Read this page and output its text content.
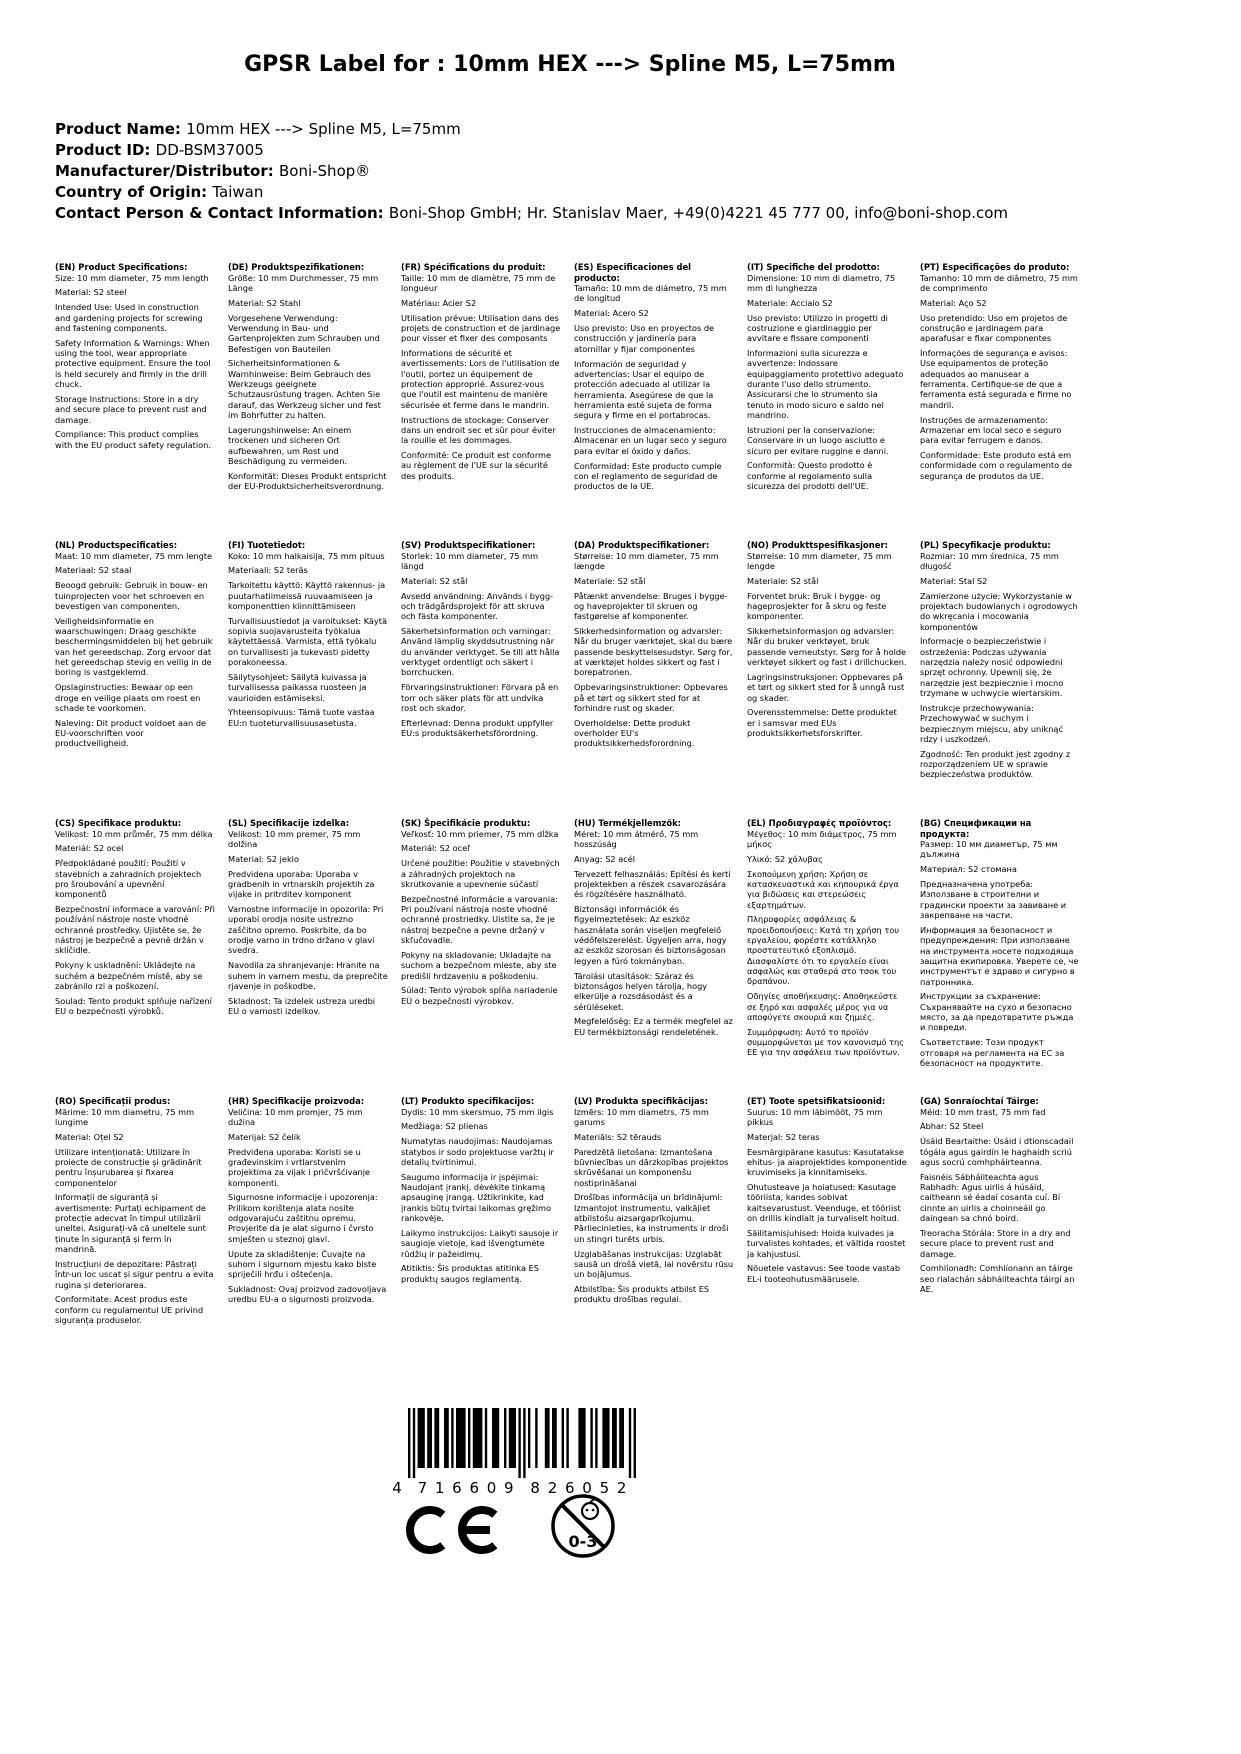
GPSR Label for : 10mm HEX ---> Spline M5, L=75mm
Product Name: 10mm HEX ---> Spline M5, L=75mm
Product ID: DD-BSM37005
Manufacturer/Distributor: Boni-Shop®
Country of Origin: Taiwan
Contact Person & Contact Information: Boni-Shop GmbH; Hr. Stanislav Maer, +49(0)4221 45 777 00, info@boni-shop.com
(EN) Product Specifications:

Size: 10 mm diameter, 75 mm length

Material: S2 steel

Intended Use: Used in construction and gardening projects for screwing and fastening components.

Safety Information & Warnings: When using the tool, wear appropriate protective equipment. Ensure the tool is held securely and firmly in the drill chuck.

Storage Instructions: Store in a dry and secure place to prevent rust and damage.

Compliance: This product complies with the EU product safety regulation.

(DE) Produktspezifikationen:

Größe: 10 mm Durchmesser, 75 mm Länge

Material: S2 Stahl

Vorgesehene Verwendung: Verwendung in Bau- und Gartenprojekten zum Schrauben und Befestigen von Bauteilen

Sicherheitsinformationen & Warnhinweise: Beim Gebrauch des Werkzeugs geeignete Schutzausrüstung tragen. Achten Sie darauf, das Werkzeug sicher und fest im Bohrfutter zu halten.

Lagerungshinweise: An einem trockenen und sicheren Ort aufbewahren, um Rost und Beschädigung zu vermeiden.

Konformität: Dieses Produkt entspricht der EU-Produktsicherheitsverordnung.

(FR) Spécifications du produit:

Taille: 10 mm de diamètre, 75 mm de longueur

Matériau: Acier S2

Utilisation prévue: Utilisation dans des projets de construction et de jardinage pour visser et fixer des composants

Informations de sécurité et avertissements: Lors de l'utilisation de l'outil, portez un équipement de protection approprié. Assurez-vous que l'outil est maintenu de manière sécurisée et ferme dans le mandrin.

Instructions de stockage: Conserver dans un endroit sec et sûr pour éviter la rouille et les dommages.

Conformité: Ce produit est conforme au règlement de l'UE sur la sécurité des produits.

(ES) Especificaciones del producto:

Tamaño: 10 mm de diámetro, 75 mm de longitud

Material: Acero S2

Uso previsto: Uso en proyectos de construcción y jardinería para atornillar y fijar componentes

Información de seguridad y advertencias: Usar el equipo de protección adecuado al utilizar la herramienta. Asegúrese de que la herramienta esté sujeta de forma segura y firme en el portabrocas.

Instrucciones de almacenamiento: Almacenar en un lugar seco y seguro para evitar el óxido y daños.

Conformidad: Este producto cumple con el reglamento de seguridad de productos de la UE.

(IT) Specifiche del prodotto:

Dimensione: 10 mm di diametro, 75 mm di lunghezza

Materiale: Acciaio S2

Uso previsto: Utilizzo in progetti di costruzione e giardinaggio per avvitare e fissare componenti

Informazioni sulla sicurezza e avvertenze: Indossare equipaggiamento protettivo adeguato durante l'uso dello strumento. Assicurarsi che lo strumento sia tenuto in modo sicuro e saldo nel mandrino.

Istruzioni per la conservazione: Conservare in un luogo asciutto e sicuro per evitare ruggine e danni.

Conformità: Questo prodotto è conforme al regolamento sulla sicurezza dei prodotti dell'UE.

(PT) Especificações do produto:

Tamanho: 10 mm de diâmetro, 75 mm de comprimento

Material: Aço S2

Uso pretendido: Uso em projetos de construção e jardinagem para aparafusar e fixar componentes

Informações de segurança e avisos: Use equipamentos de proteção adequados ao manusear a ferramenta. Certifique-se de que a ferramenta está segurada e firme no mandril.

Instruções de armazenamento: Armazenar em local seco e seguro para evitar ferrugem e danos.

Conformidade: Este produto está em conformidade com o regulamento de segurança de produtos da UE.

(NL) Productspecificaties:

Maat: 10 mm diameter, 75 mm lengte

Materiaal: S2 staal

Beoogd gebruik: Gebruik in bouw- en tuinprojecten voor het schroeven en bevestigen van componenten.

Veiligheidsinformatie en waarschuwingen: Draag geschikte beschermingsmiddelen bij het gebruik van het gereedschap. Zorg ervoor dat het gereedschap stevig en veilig in de boring is vastgeklemd.

Opslaginstructies: Bewaar op een droge en veilige plaats om roest en schade te voorkomen.

Naleving: Dit product voldoet aan de EU-voorschriften voor productveiligheid.

(FI) Tuotetiedot:

Koko: 10 mm halkaisija, 75 mm pituus

Materiaali: S2 teräs

Tarkoitettu käyttö: Käyttö rakennus- ja puutarhatiimeissä ruuvaamiseen ja komponenttien kiinnittämiseen

Turvallisuustiedot ja varoitukset: Käytä sopivia suojavarusteita työkalua käytettäessä. Varmista, että työkalu on turvallisesti ja tukevasti pidetty porakoneessa.

Säilytysohjeet: Säilytä kuivassa ja turvallisessa paikassa ruosteen ja vaurioiden estämiseksi.

Yhteensopivuus: Tämä tuote vastaa EU:n tuoteturvallisuusasetusta.

(SV) Produktspecifikationer:

Storlek: 10 mm diameter, 75 mm längd

Material: S2 stål

Avsedd användning: Används i bygg- och trädgårdsprojekt för att skruva och fästa komponenter.

Säkerhetsinformation och varningar: Använd lämplig skyddsutrustning när du använder verktyget. Se till att hålla verktyget ordentligt och säkert i borrchucken.

Förvaringsinstruktioner: Förvara på en torr och säker plats för att undvika rost och skador.

Efterlevnad: Denna produkt uppfyller EU:s produktsäkerhetsförordning.

(DA) Produktspecifikationer:

Størrelse: 10 mm diameter, 75 mm længde

Materiale: S2 stål

Påtænkt anvendelse: Bruges i bygge- og haveprojekter til skruen og fastgørelse af komponenter.

Sikkerhedsinformation og advarsler: Når du bruger værktøjet, skal du bære passende beskyttelsesudstyr. Sørg for, at værktøjet holdes sikkert og fast i borepatronen.

Opbevaringsinstruktioner: Opbevares på et tørt og sikkert sted for at forhindre rust og skader.

Overholdelse: Dette produkt overholder EU's produktsikkerhedsforordning.

(NO) Produkttspesifikasjoner:

Størrelse: 10 mm diameter, 75 mm lengde

Materiale: S2 stål

Forventet bruk: Bruk i bygge- og hageprosjekter for å skru og feste komponenter.

Sikkerhetsinformasjon og advarsler: Når du bruker verktøyet, bruk passende verneutstyr. Sørg for å holde verktøyet sikkert og fast i drillchucken.

Lagringsinstruksjoner: Oppbevares på et tørt og sikkert sted for å unngå rust og skader.

Overensstemmelse: Dette produktet er i samsvar med EUs produktsikkerhetsforskrifter.

(PL) Specyfikacje produktu:

Rozmiar: 10 mm średnica, 75 mm długość

Materiał: Stal S2

Zamierzone użycie: Wykorzystanie w projektach budowlanych i ogrodowych do wkręcania i mocowania komponentów

Informacje o bezpieczeństwie i ostrzeżenia: Podczas używania narzędzia należy nosić odpowiedni sprzęt ochronny. Upewnij się, że narzędzie jest bezpiecznie i mocno trzymane w uchwycie wiertarskim.

Instrukcje przechowywania: Przechowywać w suchym i bezpiecznym miejscu, aby uniknąć rdzy i uszkodzeń.

Zgodność: Ten produkt jest zgodny z rozporządzeniem UE w sprawie bezpieczeństwa produktów.

(CS) Specifikace produktu:

Velikost: 10 mm průměr, 75 mm délka

Materiál: S2 ocel

Předpokládané použití: Použití v stavebních a zahradních projektech pro šroubování a upevnění komponentů

Bezpečnostní informace a varování: Při používání nástroje noste vhodné ochranné prostředky. Ujistěte se, že nástroj je bezpečně a pevně držán v sklíčidle.

Pokyny k uskladnění: Ukládejte na suchém a bezpečném místě, aby se zabránilo rzi a poškození.

Soulad: Tento produkt splňuje nařízení EU o bezpečnosti výrobků.

(SL) Specifikacije izdelka:

Velikost: 10 mm premer, 75 mm dolžina

Material: S2 jeklo

Predvidena uporaba: Uporaba v gradbenih in vrtnarskih projektih za vijake in pritrditev komponent

Varnostne informacije in opozorila: Pri uporabi orodja nosite ustrezno zaščitno opremo. Poskrbite, da bo orodje varno in trdno držano v glavi svedra.

Navodila za shranjevanje: Hranite na suhem in varnem mestu, da preprečite rjavenje in poškodbe.

Skladnost: Ta izdelek ustreza uredbi EU o varnosti izdelkov.

(SK) Špecifikácie produktu:

Veľkosť: 10 mm priemer, 75 mm dĺžka

Materiál: S2 oceľ

Určené použitie: Použitie v stavebných a záhradných projektoch na skrutkovanie a upevnenie súčastí

Bezpečnostné informácie a varovania: Pri používaní nástroja noste vhodné ochranné prostriedky. Uistite sa, že je nástroj bezpečne a pevne držaný v skľučovadle.

Pokyny na skladovanie: Ukladajte na suchom a bezpečnom mieste, aby ste predišli hrdzaveniu a poškodeniu.

Súlad: Tento výrobok spĺňa nariadenie EÚ o bezpečnosti výrobkov.

(HU) Termékjellemzők:

Méret: 10 mm átmérő, 75 mm hosszúság

Anyag: S2 acél

Tervezett felhasználás: Építési és kerti projektekben a részek csavarozására és rögzítésére használható.

Biztonsági információk és figyelmeztetések: Az eszköz használata során viseljen megfelelő védőfelszerelést. Ügyeljen arra, hogy az eszköz szorosan és biztonságosan legyen a fúró tokmányban.

Tárolási utasítások: Száraz és biztonságos helyen tárolja, hogy elkerülje a rozsdásodást és a sérüléseket.

Megfelelőség: Ez a termék megfelel az EU termékbiztonsági rendeletének.

(EL) Προδιαγραφές προϊόντος:

Μέγεθος: 10 mm διάμετρος, 75 mm μήκος

Υλικό: S2 χάλυβας

Σκοπούμενη χρήση: Χρήση σε κατασκευαστικά και κηπουρικά έργα για βιδώσεις και στερεώσεις εξαρτημάτων.

Πληροφορίες ασφάλειας & προειδοποιήσεις: Κατά τη χρήση του εργαλείου, φορέστε κατάλληλο προστατευτικό εξοπλισμό. Διασφαλίστε ότι το εργαλείο είναι ασφαλώς και σταθερά στο τσοκ του δραπάνου.

Οδηγίες αποθήκευσης: Αποθηκεύστε σε ξηρό και ασφαλές μέρος για να αποφύγετε σκουριά και ζημιές.

Συμμόρφωση: Αυτό το προϊόν συμμορφώνεται με τον κανονισμό της ΕΕ για την ασφάλεια των προϊόντων.

(BG) Спецификации на продукта:

Размер: 10 мм диаметър, 75 мм дължина

Материал: S2 стомана

Предназначена употреба: Използване в строителни и градински проекти за завиване и закрепване на части.

Информация за безопасност и предупреждения: При използване на инструмента носете подходяща защитна екипировка. Уверете се, че инструментът е здраво и сигурно в патронника.

Инструкции за съхранение: Съхранявайте на сухо и безопасно място, за да предотвратите ръжда и повреди.

Съответствие: Този продукт отговаря на регламента на ЕС за безопасност на продуктите.

(RO) Specificații produs:

Mărime: 10 mm diametru, 75 mm lungime

Material: Oțel S2

Utilizare intenționată: Utilizare în proiecte de construcție și grădinărit pentru înșurubarea și fixarea componentelor

Informații de siguranță și avertismente: Purtați echipament de protecție adecvat în timpul utilizării uneltei. Asigurați-vă că uneltele sunt ținute în siguranță și ferm în mandrină.

Instrucțiuni de depozitare: Păstrați într-un loc uscat și sigur pentru a evita rugina și deteriorarea.

Conformitate: Acest produs este conform cu regulamentul UE privind siguranța produselor.

(HR) Specifikacije proizvoda:

Veličina: 10 mm promjer, 75 mm dužina

Materijal: S2 čelik

Predviđena uporaba: Koristi se u građevinskim i vrtlarstvenim projektima za vijak i pričvršćivanje komponenti.

Sigurnosne informacije i upozorenja: Prilikom korištenja alata nosite odgovarajuću zaštitnu opremu. Provjerite da je alat sigurno i čvrsto smješten u steznoj glavi.

Upute za skladištenje: Čuvajte na suhom i sigurnom mjestu kako biste spriječili hrđu i oštećenja.

Sukladnost: Ovaj proizvod zadovoljava uredbu EU-a o sigurnosti proizvoda.

(LT) Produkto specifikacijos:

Dydis: 10 mm skersmuo, 75 mm ilgis

Medžiaga: S2 plienas

Numatytas naudojimas: Naudojamas statybos ir sodo projektuose varžtų ir detalių tvirtinimui.

Saugumo informacija ir įspėjimai: Naudojant įrankį, dėvėkite tinkamą apsauginę įrangą. Užtikrinkite, kad įrankis būtų tvirtai laikomas gręžimo rankovėje.

Laikymo instrukcijos: Laikyti sausoje ir saugioje vietoje, kad išvengtumėte rūdžių ir pažeidimų.

Atitiktis: Šis produktas atitinka ES produktų saugos reglamentą.

(LV) Produkta specifikācijas:

Izmērs: 10 mm diametrs, 75 mm garums

Materiāls: S2 tērauds

Paredzētā lietošana: Izmantošana būvniecības un dārzkopības projektos skrūvēšanai un komponenšu nostiprināšanai

Drošības informācija un brīdinājumi: Izmantojot instrumentu, valkājiet atbilstošu aizsargaprīkojumu. Pārliecinieties, ka instruments ir droši un stingri turēts urbis.

Uzglabāšanas instrukcijas: Uzglabāt sausā un drošā vietā, lai novērstu rūsu un bojājumus.

Atbilstība: Šis produkts atbilst ES produktu drošības regulai.

(ET) Toote spetsifikatsioonid:

Suurus: 10 mm läbimõõt, 75 mm pikkus

Materjal: S2 teras

Eesmärgipärane kasutus: Kasutatakse ehitus- ja aiaprojektides komponentide kruvimiseks ja kinnitamiseks.

Ohutusteave ja hoiatused: Kasutage tööriista, kandes sobivat kaitsevarustust. Veenduge, et tööriist on drillis kindlalt ja turvaliselt hoitud.

Säilitamisjuhised: Hoida kuivades ja turvalistes kohtades, et vältida roostet ja kahjustusi.

Nõuetele vastavus: See toode vastab EL-i tooteohutusmäärusele.

(GA) Sonraíochtaí Táirge:

Méid: 10 mm trast, 75 mm fad

Ábhar: S2 Steel

Úsáid Beartaithe: Úsáid i dtionscadail tógála agus gairdín le haghaidh scriú agus socrú comhpháirteanna.

Faisnéis Sábháilteachta agus Rabhadh: Agus uirlis á húsáid, caitheann sé éadaí cosanta cuí. Bí cinnte an uirlis a choinneáil go daingean sa chnó boird.

Treoracha Stórála: Store in a dry and secure place to prevent rust and damage.

Comhlíonadh: Comhlíonann an táirge seo rialachán sábháilteachta táirgí an AE.

4 716609 826052
0-3
